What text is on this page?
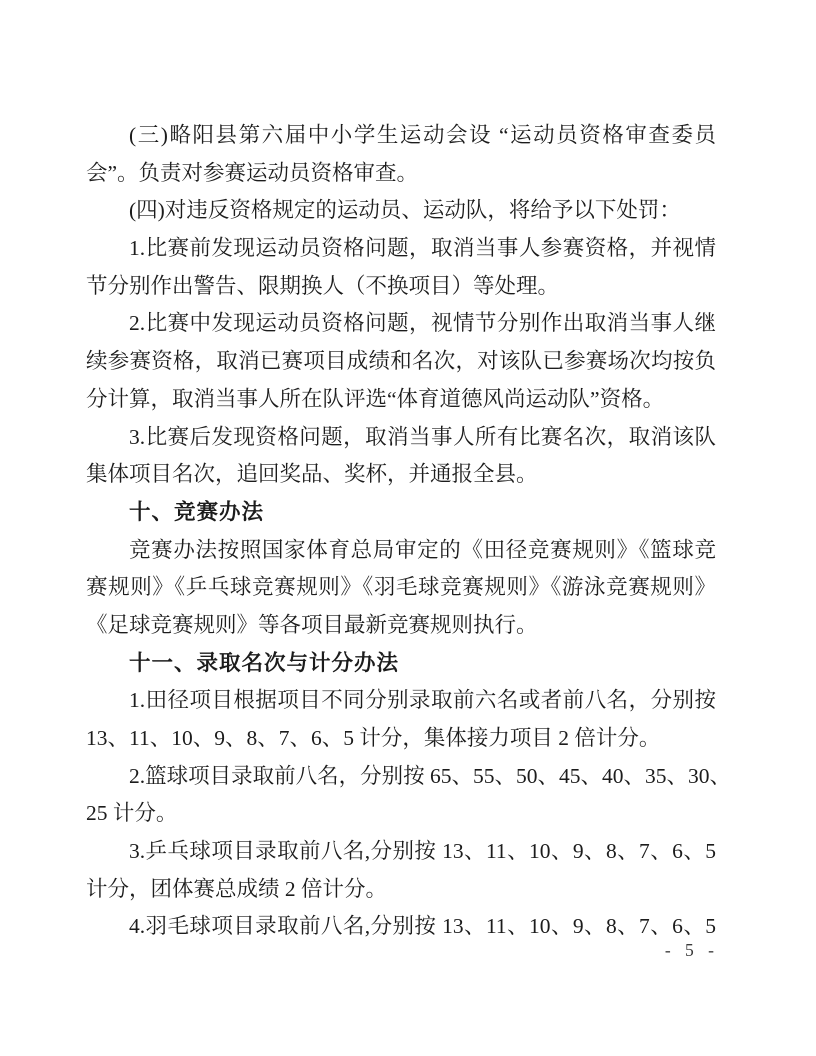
(三)略阳县第六届中小学生运动会设 “运动员资格审查委员
会”。负责对参赛运动员资格审查。
(四)对违反资格规定的运动员、运动队，将给予以下处罚：
1.比赛前发现运动员资格问题，取消当事人参赛资格，并视情
节分别作出警告、限期换人（不换项目）等处理。
2.比赛中发现运动员资格问题，视情节分别作出取消当事人继
续参赛资格，取消已赛项目成绩和名次，对该队已参赛场次均按负
分计算，取消当事人所在队评选“体育道德风尚运动队”资格。
3.比赛后发现资格问题，取消当事人所有比赛名次，取消该队
集体项目名次，追回奖品、奖杯，并通报全县。
十、竞赛办法
竞赛办法按照国家体育总局审定的《田径竞赛规则》《篮球竞
赛规则》《乒乓球竞赛规则》《羽毛球竞赛规则》《游泳竞赛规则》
《足球竞赛规则》等各项目最新竞赛规则执行。
十一、录取名次与计分办法
1.田径项目根据项目不同分别录取前六名或者前八名，分别按
13、11、10、9、8、7、6、5 计分，集体接力项目 2 倍计分。
2.篮球项目录取前八名，分别按 65、55、50、45、40、35、30、
25 计分。
3.乒乓球项目录取前八名,分别按 13、11、10、9、8、7、6、5
计分，团体赛总成绩 2 倍计分。
4.羽毛球项目录取前八名,分别按 13、11、10、9、8、7、6、5
- 5 -
